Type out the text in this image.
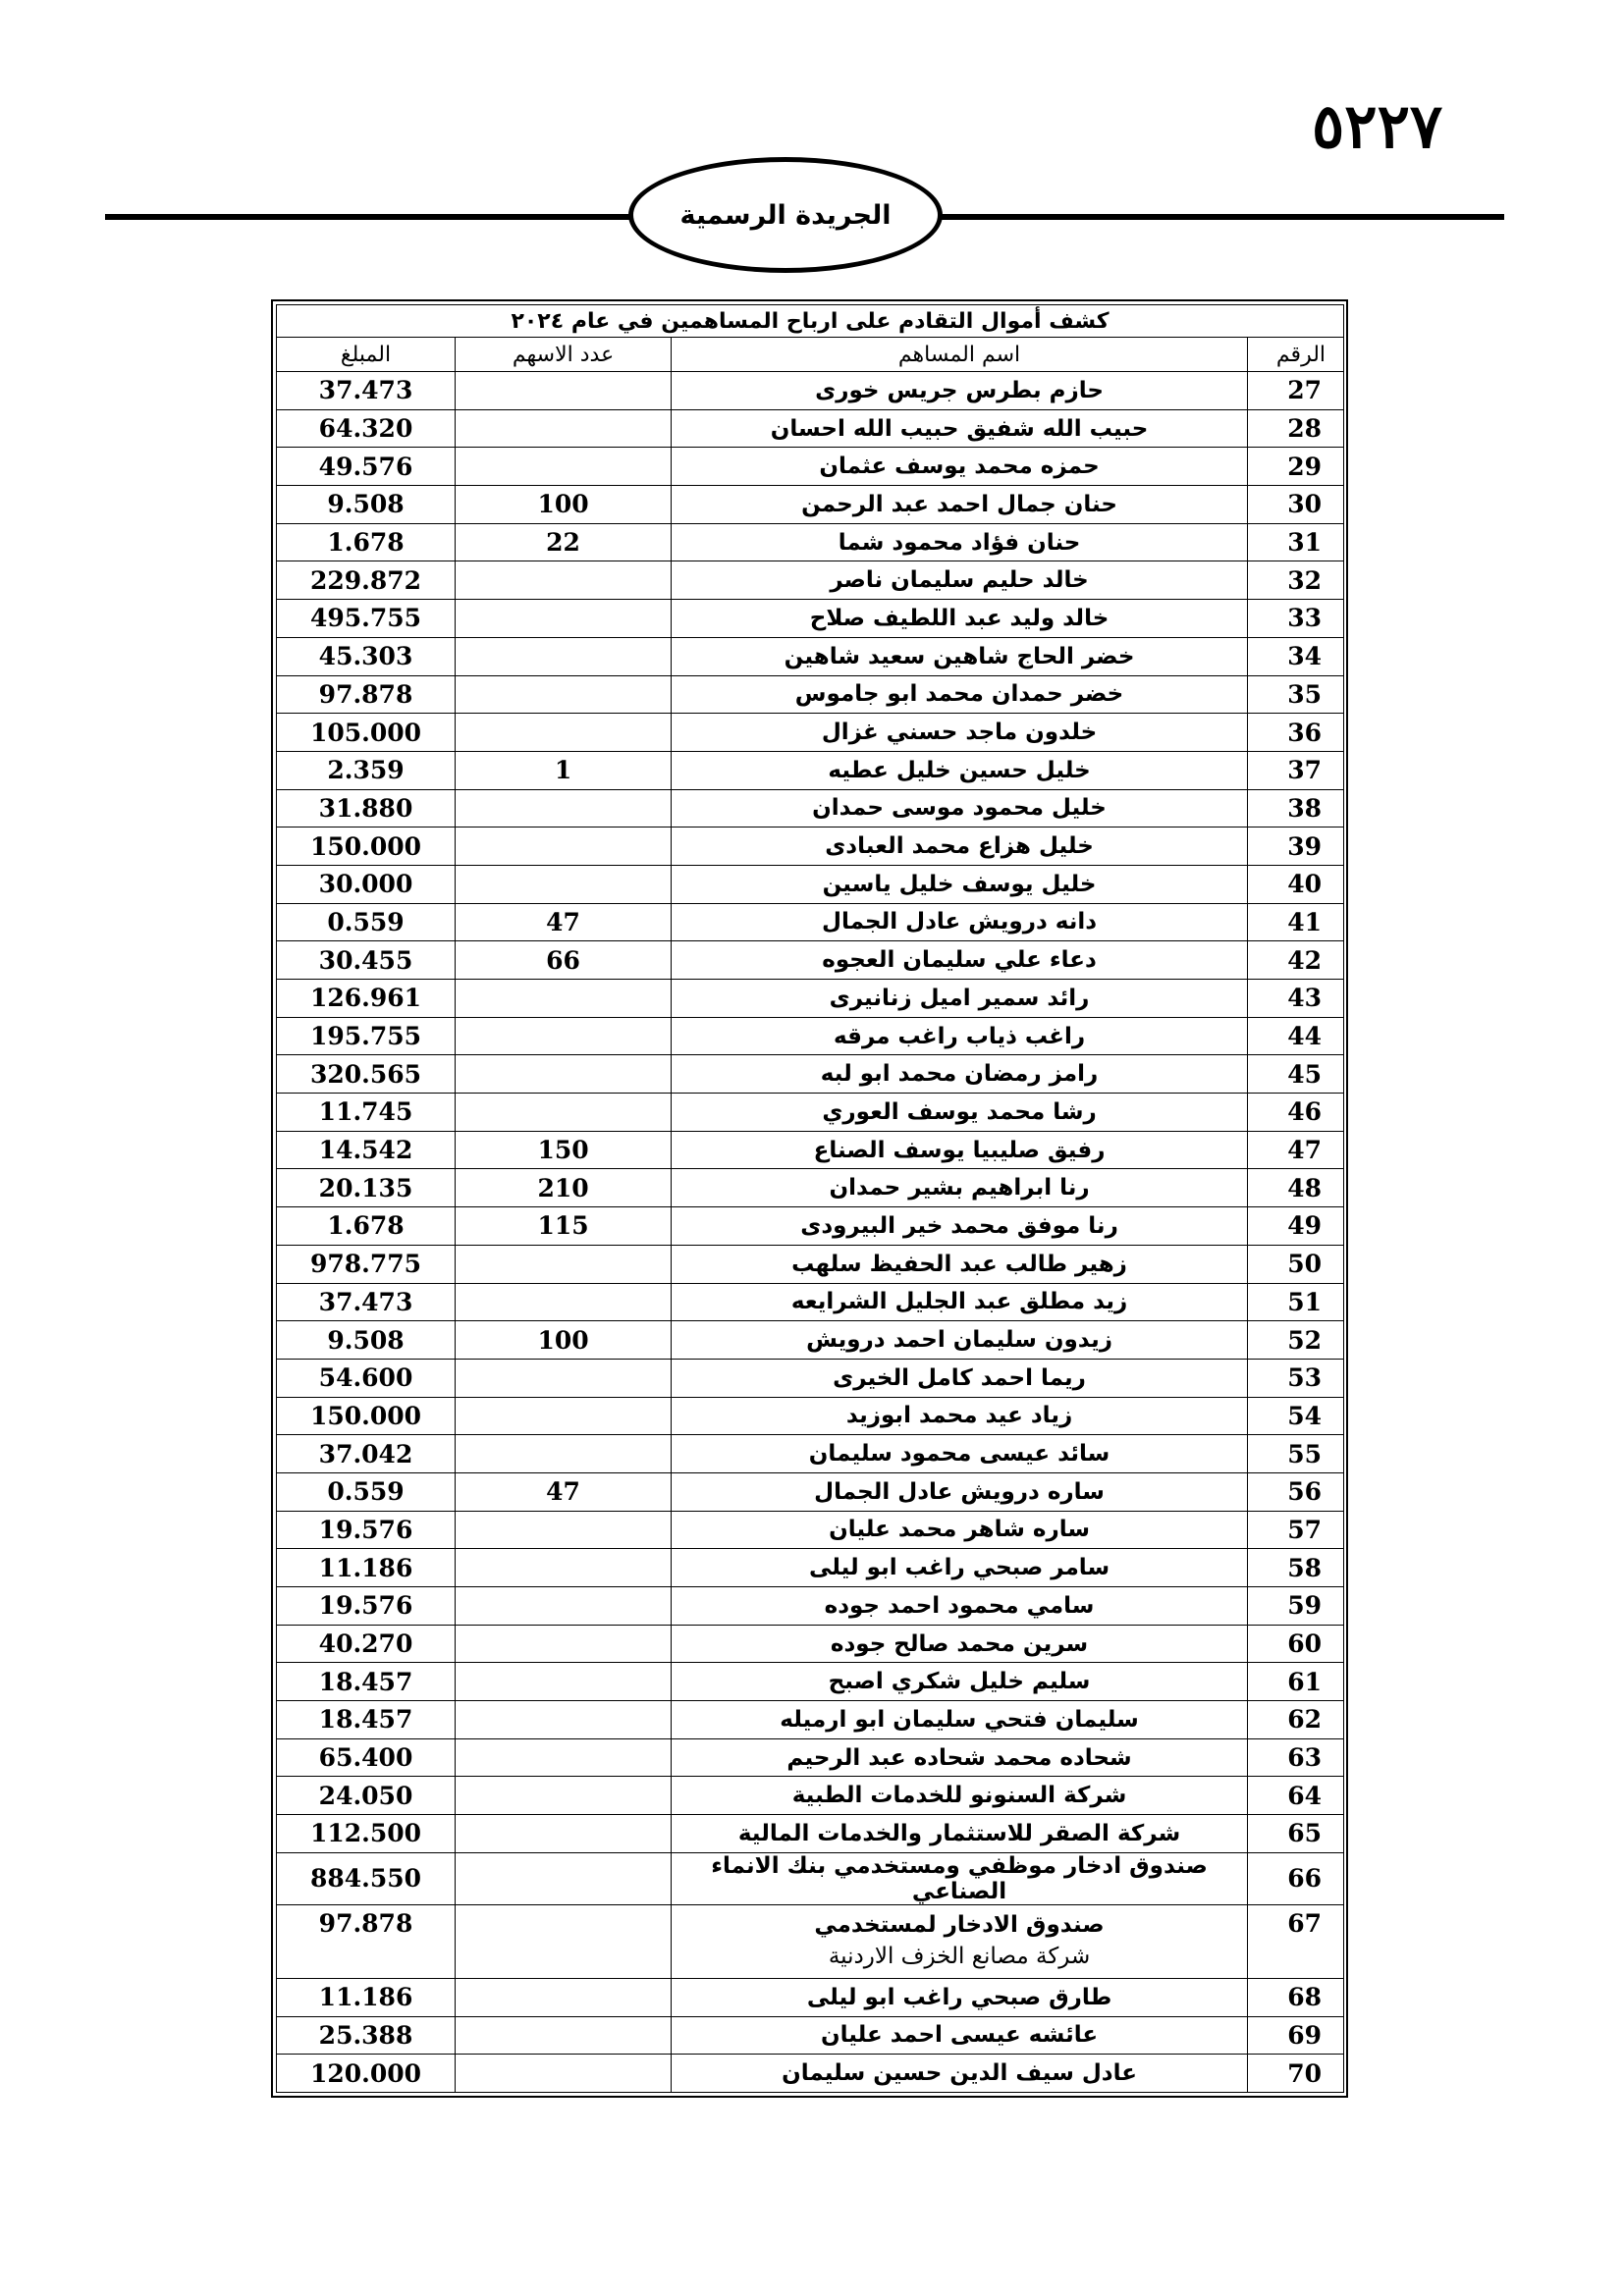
٥٢٢٧
الجريدة الرسمية
كشف أموال التقادم على ارباح المساهمين في عام ٢٠٢٤			
الرقم	اسم المساهم	عدد الاسهم	المبلغ
27	حازم بطرس جريس خورى		37.473
28	حبيب الله شفيق حبيب الله احسان		64.320
29	حمزه محمد يوسف عثمان		49.576
30	حنان جمال احمد عبد الرحمن	100	9.508
31	حنان فؤاد محمود شما	22	1.678
32	خالد حليم سليمان ناصر		229.872
33	خالد وليد عبد اللطيف صلاح		495.755
34	خضر الحاج شاهين سعيد شاهين		45.303
35	خضر حمدان محمد ابو جاموس		97.878
36	خلدون ماجد حسني غزال		105.000
37	خليل حسين خليل عطيه	1	2.359
38	خليل محمود موسى حمدان		31.880
39	خليل هزاع محمد العبادى		150.000
40	خليل يوسف خليل ياسين		30.000
41	دانه درويش عادل الجمال	47	0.559
42	دعاء علي سليمان العجوه	66	30.455
43	رائد سمير اميل زنانيرى		126.961
44	راغب ذياب راغب مرقه		195.755
45	رامز رمضان محمد ابو لبه		320.565
46	رشا محمد يوسف العوري		11.745
47	رفيق صليبيا يوسف الصناع	150	14.542
48	رنا ابراهيم بشير حمدان	210	20.135
49	رنا موفق محمد خير البيرودى	115	1.678
50	زهير طالب عبد الحفيظ سلهب		978.775
51	زيد مطلق عبد الجليل الشرايعه		37.473
52	زيدون سليمان احمد درويش	100	9.508
53	ريما احمد كامل الخيرى		54.600
54	زياد عيد محمد ابوزيد		150.000
55	سائد عيسى محمود سليمان		37.042
56	ساره درويش عادل الجمال	47	0.559
57	ساره شاهر محمد عليان		19.576
58	سامر صبحي راغب ابو ليلى		11.186
59	سامي محمود احمد جوده		19.576
60	سرين محمد صالح جوده		40.270
61	سليم خليل شكري اصبح		18.457
62	سليمان فتحي سليمان ابو ارميله		18.457
63	شحاده محمد شحاده عبد الرحيم		65.400
64	شركة السنونو للخدمات الطبية		24.050
65	شركة الصقر للاستثمار والخدمات المالية		112.500
66	صندوق ادخار موظفي ومستخدمي بنك الانماء الصناعي		884.550
67	صندوق الادخار لمستخدمي
شركة مصانع الخزف الاردنية		97.878
68	طارق صبحي راغب ابو ليلى		11.186
69	عائشه عيسى احمد عليان		25.388
70	عادل سيف الدين حسين سليمان		120.000
